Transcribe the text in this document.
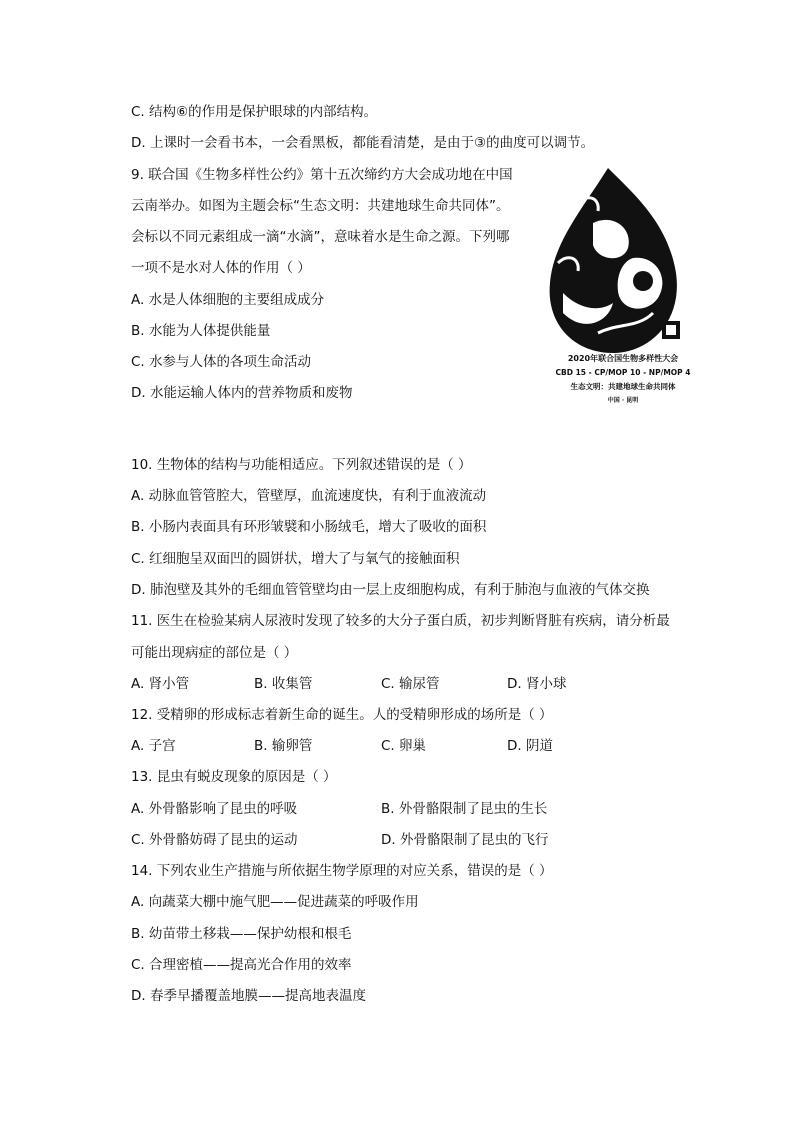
C. 结构⑥的作用是保护眼球的内部结构。
D. 上课时一会看书本，一会看黑板，都能看清楚，是由于③的曲度可以调节。
9. 联合国《生物多样性公约》第十五次缔约方大会成功地在中国
云南举办。如图为主题会标“生态文明：共建地球生命共同体”。
会标以不同元素组成一滴“水滴”，意味着水是生命之源。下列哪
一项不是水对人体的作用（ ）
A. 水是人体细胞的主要组成成分
B. 水能为人体提供能量
C. 水参与人体的各项生命活动
D. 水能运输人体内的营养物质和废物
2020年联合国生物多样性大会
CBD 15 - CP/MOP 10 - NP/MOP 4
生态文明：共建地球生命共同体
中国 · 昆明
10. 生物体的结构与功能相适应。下列叙述错误的是（ ）
A. 动脉血管管腔大，管壁厚，血流速度快，有利于血液流动
B. 小肠内表面具有环形皱襞和小肠绒毛，增大了吸收的面积
C. 红细胞呈双面凹的圆饼状，增大了与氧气的接触面积
D. 肺泡壁及其外的毛细血管管壁均由一层上皮细胞构成，有利于肺泡与血液的气体交换
11. 医生在检验某病人尿液时发现了较多的大分子蛋白质，初步判断肾脏有疾病，请分析最
可能出现病症的部位是（ ）
A. 肾小管	B. 收集管	C. 输尿管	D. 肾小球
12. 受精卵的形成标志着新生命的诞生。人的受精卵形成的场所是（ ）
A. 子宫	B. 输卵管	C. 卵巢	D. 阴道
13. 昆虫有蜕皮现象的原因是（ ）
A. 外骨骼影响了昆虫的呼吸	B. 外骨骼限制了昆虫的生长
C. 外骨骼妨碍了昆虫的运动	D. 外骨骼限制了昆虫的飞行
14. 下列农业生产措施与所依据生物学原理的对应关系，错误的是（ ）
A. 向蔬菜大棚中施气肥——促进蔬菜的呼吸作用
B. 幼苗带土移栽——保护幼根和根毛
C. 合理密植——提高光合作用的效率
D. 春季早播覆盖地膜——提高地表温度
